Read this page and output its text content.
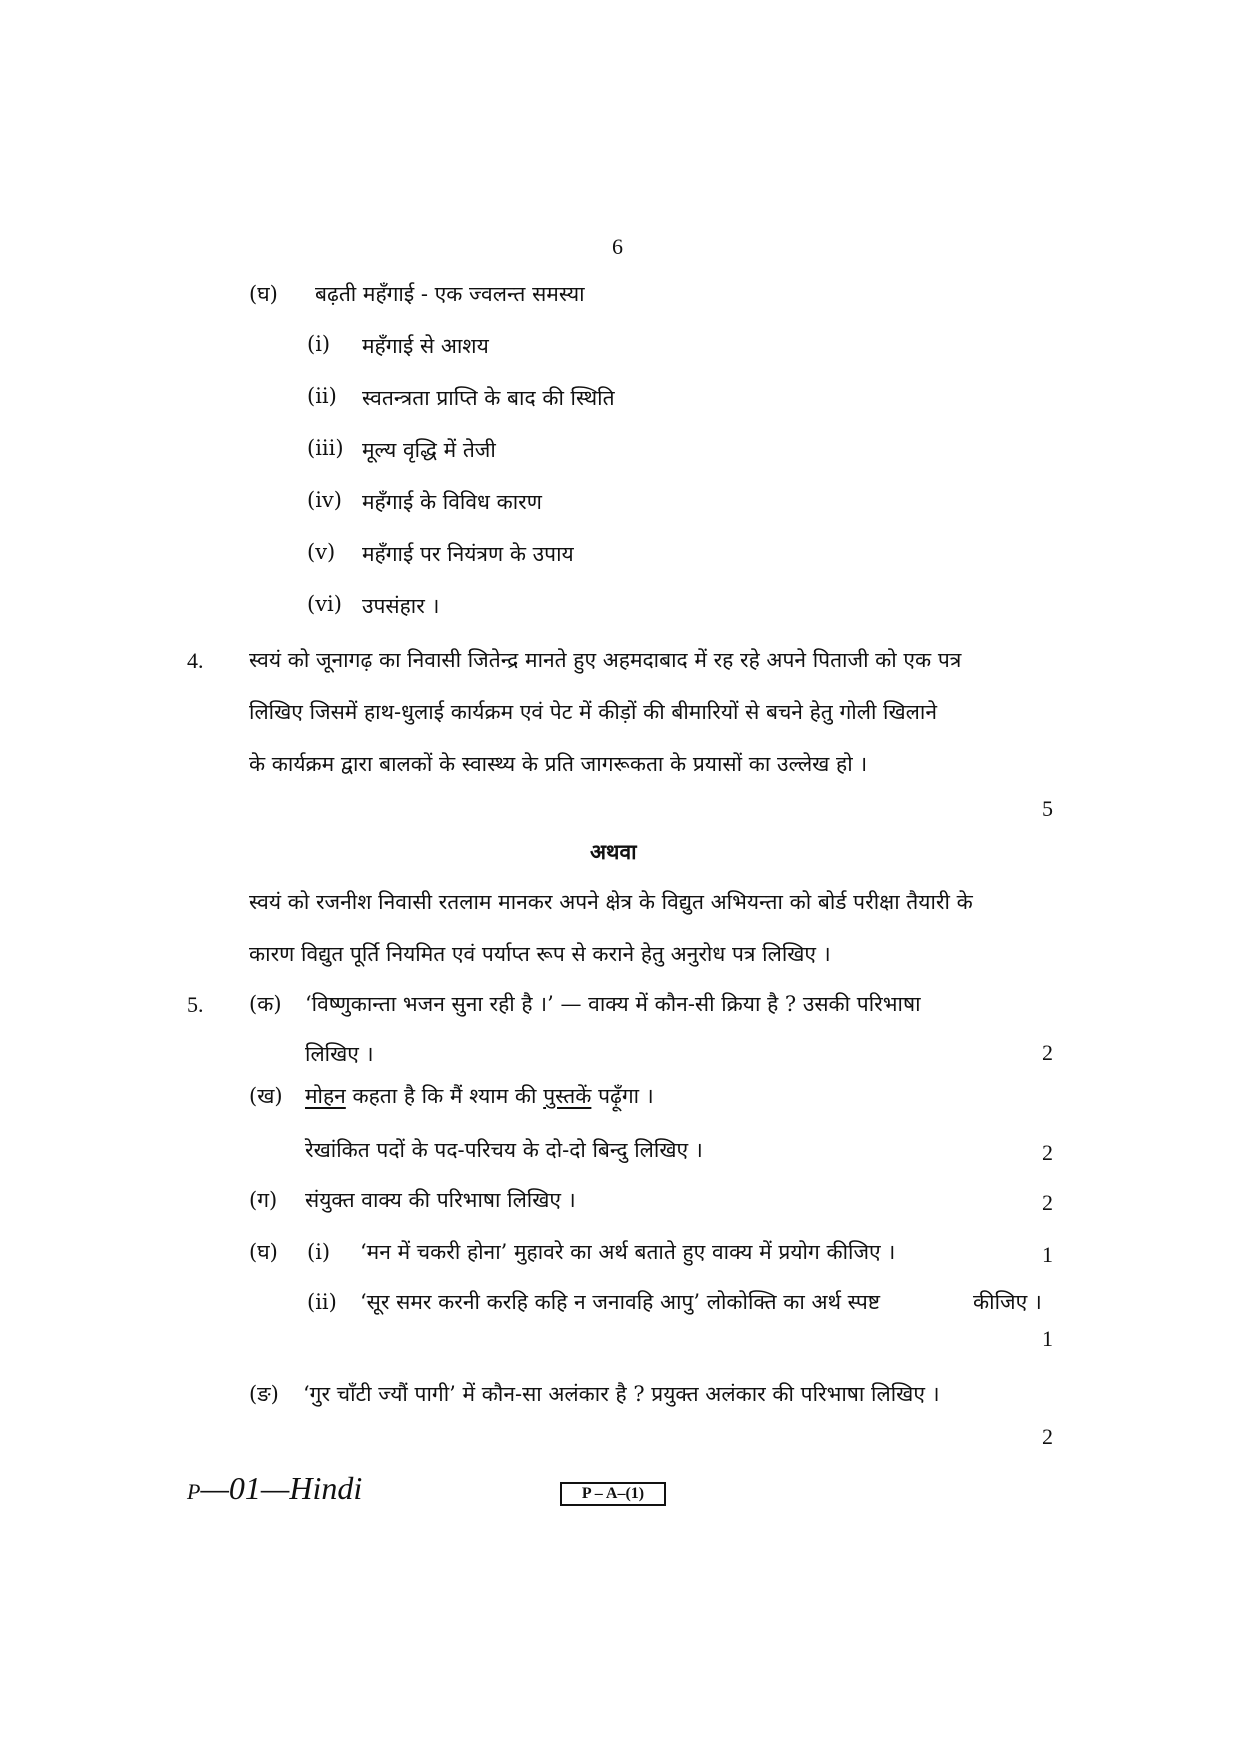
6
(घ) बढ़ती महँगाई - एक ज्वलन्त समस्या
(i) महँगाई से आशय
(ii) स्वतन्त्रता प्राप्ति के बाद की स्थिति
(iii) मूल्य वृद्धि में तेजी
(iv) महँगाई के विविध कारण
(v) महँगाई पर नियंत्रण के उपाय
(vi) उपसंहार ।
4. स्वयं को जूनागढ़ का निवासी जितेन्द्र मानते हुए अहमदाबाद में रह रहे अपने पिताजी को एक पत्र
लिखिए जिसमें हाथ-धुलाई कार्यक्रम एवं पेट में कीड़ों की बीमारियों से बचने हेतु गोली खिलाने
के कार्यक्रम द्वारा बालकों के स्वास्थ्य के प्रति जागरूकता के प्रयासों का उल्लेख हो ।
5
अथवा
स्वयं को रजनीश निवासी रतलाम मानकर अपने क्षेत्र के विद्युत अभियन्ता को बोर्ड परीक्षा तैयारी के
कारण विद्युत पूर्ति नियमित एवं पर्याप्त रूप से कराने हेतु अनुरोध पत्र लिखिए ।
5. (क) ‘विष्णुकान्ता भजन सुना रही है ।’ — वाक्य में कौन-सी क्रिया है ? उसकी परिभाषा
लिखिए ।	2
(ख) मोहन कहता है कि मैं श्याम की पुस्तकें पढ़ूँगा ।
रेखांकित पदों के पद-परिचय के दो-दो बिन्दु लिखिए ।	2
(ग) संयुक्त वाक्य की परिभाषा लिखिए ।	2
(घ) (i) ‘मन में चकरी होना’ मुहावरे का अर्थ बताते हुए वाक्य में प्रयोग कीजिए ।	1
(ii) ‘सूर समर करनी करहि कहि न जनावहि आपु’ लोकोक्ति का अर्थ स्पष्ट	कीजिए ।
1
(ङ) ‘गुर चाँटी ज्यौं पागी’ में कौन-सा अलंकार है ? प्रयुक्त अलंकार की परिभाषा लिखिए ।
2
P—01—Hindi	P – A–(1)
